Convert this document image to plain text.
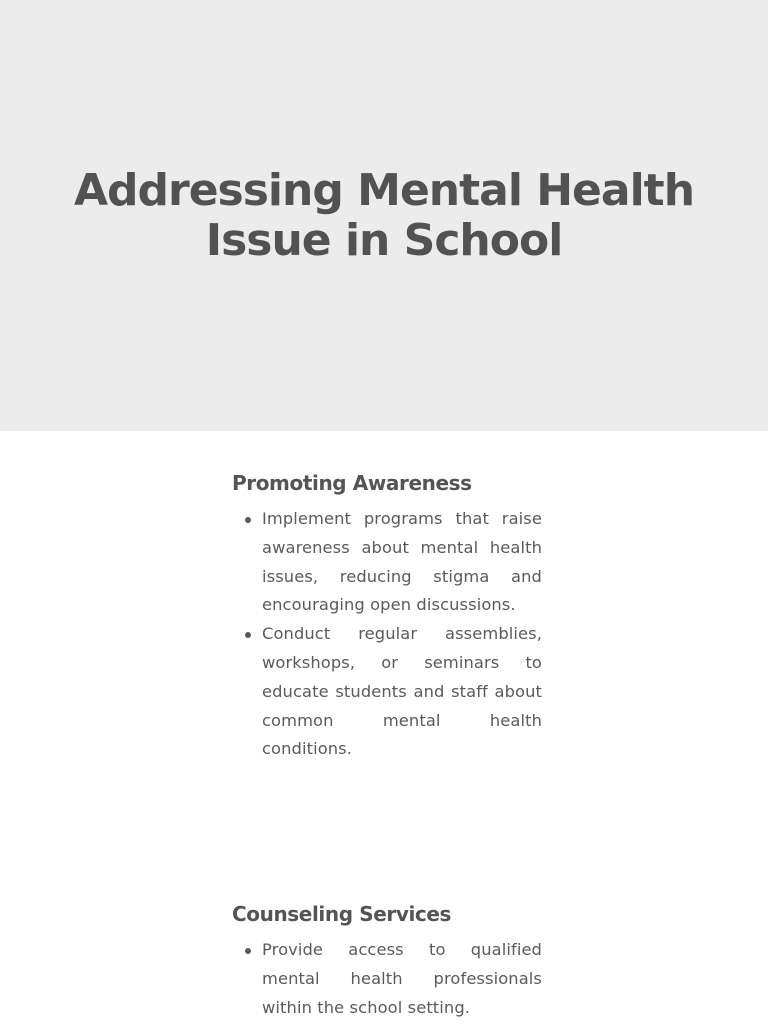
Addressing Mental Health
Issue in School
Promoting Awareness
Implement programs that raise awareness about mental health issues, reducing stigma and encouraging open discussions.
Conduct regular assemblies, workshops, or seminars to educate students and staff about common mental health conditions.
Counseling Services
Provide access to qualified mental health professionals within the school setting.
